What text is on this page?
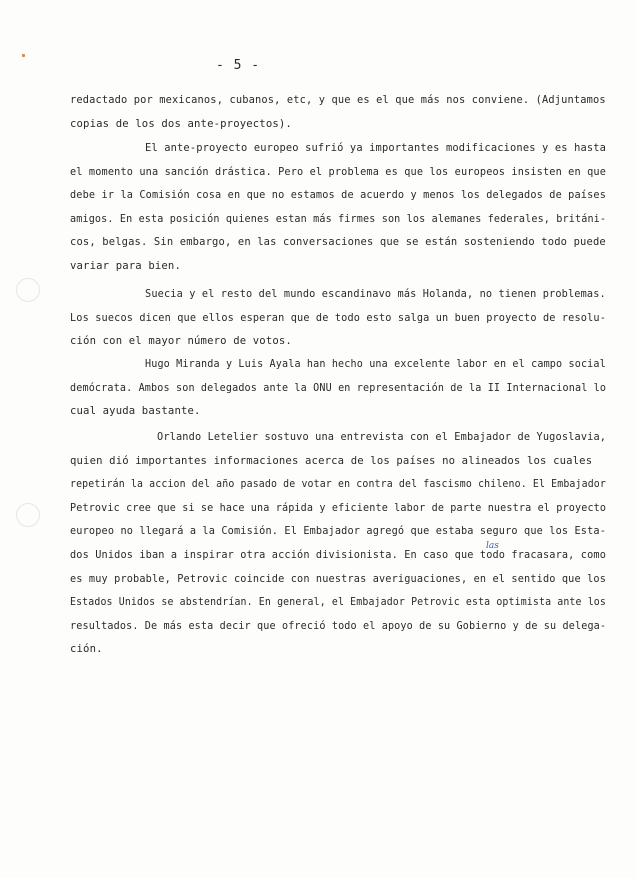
- 5 -
redactado por mexicanos, cubanos, etc, y que es el que más nos conviene. (Adjuntamos
copias de los dos ante-proyectos).
El ante-proyecto europeo sufrió ya importantes modificaciones y es hasta
el momento una sanción drástica. Pero el problema es que los europeos insisten en que
debe ir la Comisión cosa en que no estamos de acuerdo y menos los delegados de países
amigos. En esta posición quienes estan más firmes son los alemanes federales, británi-
cos, belgas. Sin embargo, en las conversaciones que se están sosteniendo todo puede
variar para bien.
Suecia y el resto del mundo escandinavo más Holanda, no tienen problemas.
Los suecos dicen que ellos esperan que de todo esto salga un buen proyecto de resolu-
ción con el mayor número de votos.
Hugo Miranda y Luis Ayala han hecho una excelente labor en el campo social
demócrata. Ambos son delegados ante la ONU en representación de la II Internacional lo
cual ayuda bastante.
Orlando Letelier sostuvo una entrevista con el Embajador de Yugoslavia,
quien dió importantes informaciones acerca de los países no alineados los cuales
repetirán la accion del año pasado de votar en contra del fascismo chileno. El Embajador
Petrovic cree que si se hace una rápida y eficiente labor de parte nuestra el proyecto
europeo no llegará a la Comisión. El Embajador agregó que estaba seguro que los Esta-
dos Unidos iban a inspirar otra acción divisionista. En caso que todo fracasara, como
es muy probable, Petrovic coincide con nuestras averiguaciones, en el sentido que los
Estados Unidos se abstendrían. En general, el Embajador Petrovic esta optimista ante los
resultados. De más esta decir que ofreció todo el apoyo de su Gobierno y de su delega-
ción.
las
